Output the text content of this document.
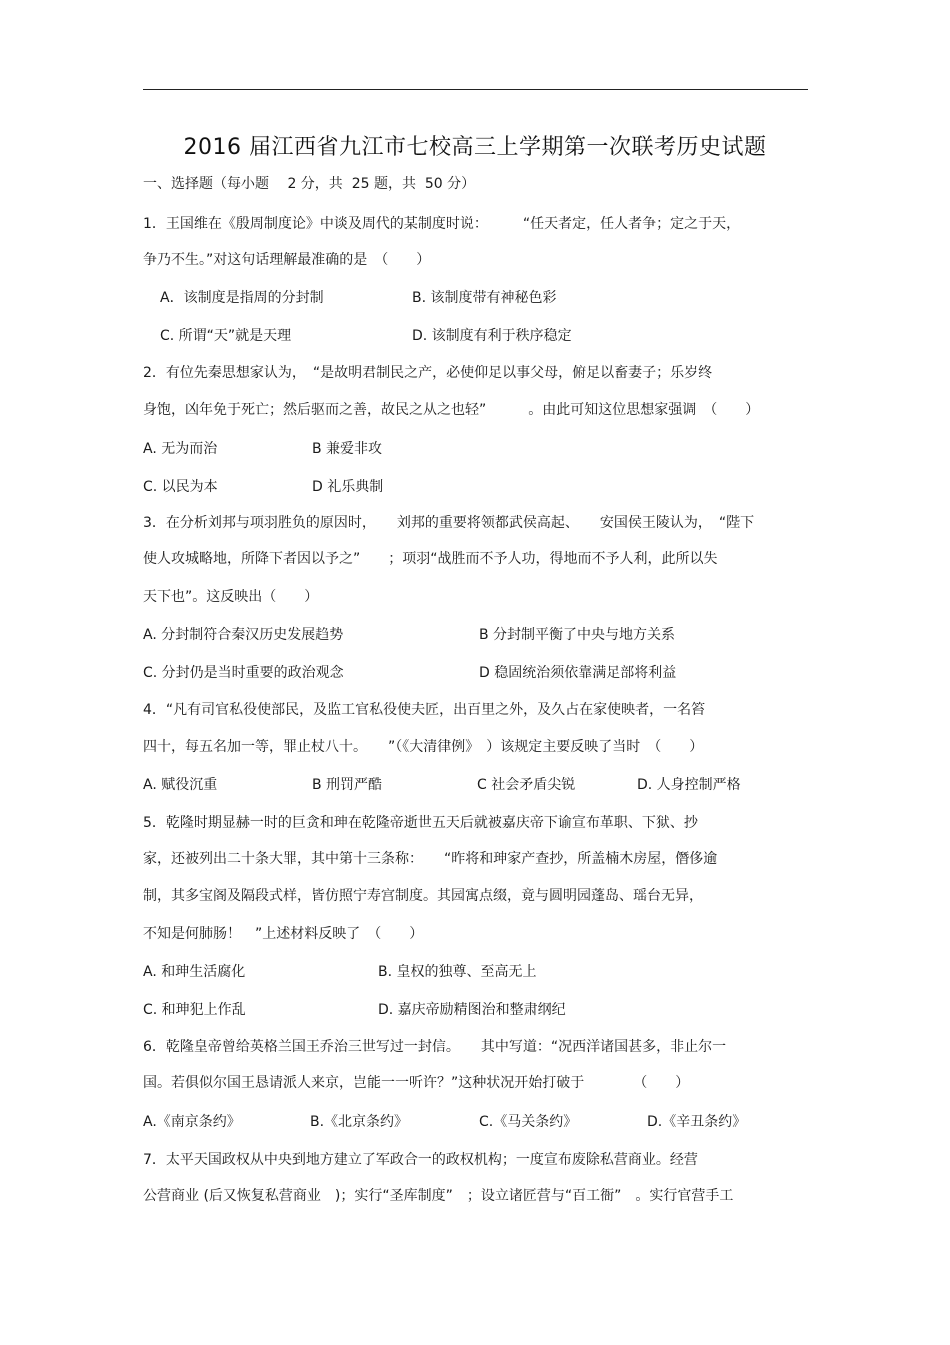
2016 届江西省九江市七校高三上学期第一次联考历史试题
一、选择题（每小题　 2 分，共  25 题，共  50 分）
1．王国维在《殷周制度论》中谈及周代的某制度时说：　　　“任天者定，任人者争；定之于天，
争乃不生。”对这句话理解最准确的是　（　　）
A．该制度是指周的分封制	B. 该制度带有神秘色彩
C. 所谓“天”就是天理	D. 该制度有利于秩序稳定
2．有位先秦思想家认为，　“是故明君制民之产，必使仰足以事父母，俯足以畜妻子；乐岁终
身饱，凶年免于死亡；然后驱而之善，故民之从之也轻”　　　。由此可知这位思想家强调　（　　）
A. 无为而治	B 兼爱非攻
C. 以民为本	D 礼乐典制
3．在分析刘邦与项羽胜负的原因时，　　刘邦的重要将领都武侯高起、　　安国侯王陵认为，　“陛下
使人攻城略地，所降下者因以予之”　　；项羽“战胜而不予人功，得地而不予人利，此所以失
天下也”。这反映出（　　）
A. 分封制符合秦汉历史发展趋势	B 分封制平衡了中央与地方关系
C. 分封仍是当时重要的政治观念	D 稳固统治须依靠满足部将利益
4．“凡有司官私役使部民，及监工官私役使夫匠，出百里之外，及久占在家使映者，一名笞
四十，每五名加一等，罪止杖八十。　　”（《大清律例》　）该规定主要反映了当时　（　　）
A. 赋役沉重	B 刑罚严酷	C 社会矛盾尖锐	D. 人身控制严格
5．乾隆时期显赫一时的巨贪和珅在乾隆帝逝世五天后就被嘉庆帝下谕宣布革职、下狱、抄
家，还被列出二十条大罪，其中第十三条称：　　“昨将和珅家产查抄，所盖楠木房屋，僭侈逾
制，其多宝阁及隔段式样，皆仿照宁寿宫制度。其园寓点缀，竟与圆明园蓬岛、瑶台无异，
不知是何肺肠！　”上述材料反映了　（　　）
A. 和珅生活腐化	B. 皇权的独尊、至高无上
C. 和珅犯上作乱	D. 嘉庆帝励精图治和整肃纲纪
6．乾隆皇帝曾给英格兰国王乔治三世写过一封信。　　其中写道：“况西洋诸国甚多，非止尔一
国。若俱似尔国王恳请派人来京，岂能一一听许？”这种状况开始打破于　　　　（　　）
A.《南京条约》	B.《北京条约》	C.《马关条约》	D.《辛丑条约》
7．太平天国政权从中央到地方建立了军政合一的政权机构；一度宣布废除私营商业。经营
公营商业 (后又恢复私营商业　)；实行“圣库制度”　；设立诸匠营与“百工衙”　。实行官营手工
